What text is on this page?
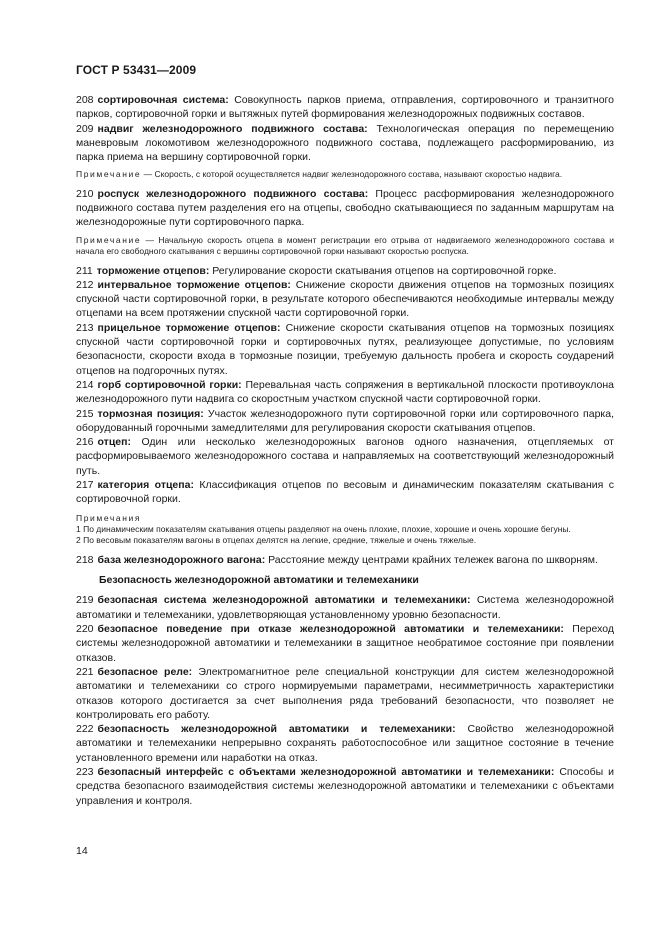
ГОСТ Р 53431—2009

208 сортировочная система: Совокупность парков приема, отправления, сортировочного и транзитного парков, сортировочной горки и вытяжных путей формирования железнодорожных подвижных составов.

209 надвиг железнодорожного подвижного состава: Технологическая операция по перемещению маневровым локомотивом железнодорожного подвижного состава, подлежащего расформированию, из парка приема на вершину сортировочной горки.

Примечание — Скорость, с которой осуществляется надвиг железнодорожного состава, называют скоростью надвига.

210 роспуск железнодорожного подвижного состава: Процесс расформирования железнодорожного подвижного состава путем разделения его на отцепы, свободно скатывающиеся по заданным маршрутам на железнодорожные пути сортировочного парка.

Примечание — Начальную скорость отцепа в момент регистрации его отрыва от надвигаемого железнодорожного состава и начала его свободного скатывания с вершины сортировочной горки называют скоростью роспуска.

211 торможение отцепов: Регулирование скорости скатывания отцепов на сортировочной горке.

212 интервальное торможение отцепов: Снижение скорости движения отцепов на тормозных позициях спускной части сортировочной горки, в результате которого обеспечиваются необходимые интервалы между отцепами на всем протяжении спускной части сортировочной горки.

213 прицельное торможение отцепов: Снижение скорости скатывания отцепов на тормозных позициях спускной части сортировочной горки и сортировочных путях, реализующее допустимые, по условиям безопасности, скорости входа в тормозные позиции, требуемую дальность пробега и скорость соударений отцепов на подгорочных путях.

214 горб сортировочной горки: Перевальная часть сопряжения в вертикальной плоскости противоуклона железнодорожного пути надвига со скоростным участком спускной части сортировочной горки.

215 тормозная позиция: Участок железнодорожного пути сортировочной горки или сортировочного парка, оборудованный горочными замедлителями для регулирования скорости скатывания отцепов.

216 отцеп: Один или несколько железнодорожных вагонов одного назначения, отцепляемых от расформировываемого железнодорожного состава и направляемых на соответствующий железнодорожный путь.

217 категория отцепа: Классификация отцепов по весовым и динамическим показателям скатывания с сортировочной горки.

Примечания

1 По динамическим показателям скатывания отцепы разделяют на очень плохие, плохие, хорошие и очень хорошие бегуны.

2 По весовым показателям вагоны в отцепах делятся на легкие, средние, тяжелые и очень тяжелые.

218 база железнодорожного вагона: Расстояние между центрами крайних тележек вагона по шкворням.

Безопасность железнодорожной автоматики и телемеханики

219 безопасная система железнодорожной автоматики и телемеханики: Система железнодорожной автоматики и телемеханики, удовлетворяющая установленному уровню безопасности.

220 безопасное поведение при отказе железнодорожной автоматики и телемеханики: Переход системы железнодорожной автоматики и телемеханики в защитное необратимое состояние при появлении отказов.

221 безопасное реле: Электромагнитное реле специальной конструкции для систем железнодорожной автоматики и телемеханики со строго нормируемыми параметрами, несимметричность характеристики отказов которого достигается за счет выполнения ряда требований безопасности, что позволяет не контролировать его работу.

222 безопасность железнодорожной автоматики и телемеханики: Свойство железнодорожной автоматики и телемеханики непрерывно сохранять работоспособное или защитное состояние в течение установленного времени или наработки на отказ.

223 безопасный интерфейс с объектами железнодорожной автоматики и телемеханики: Способы и средства безопасного взаимодействия системы железнодорожной автоматики и телемеханики с объектами управления и контроля.

14
